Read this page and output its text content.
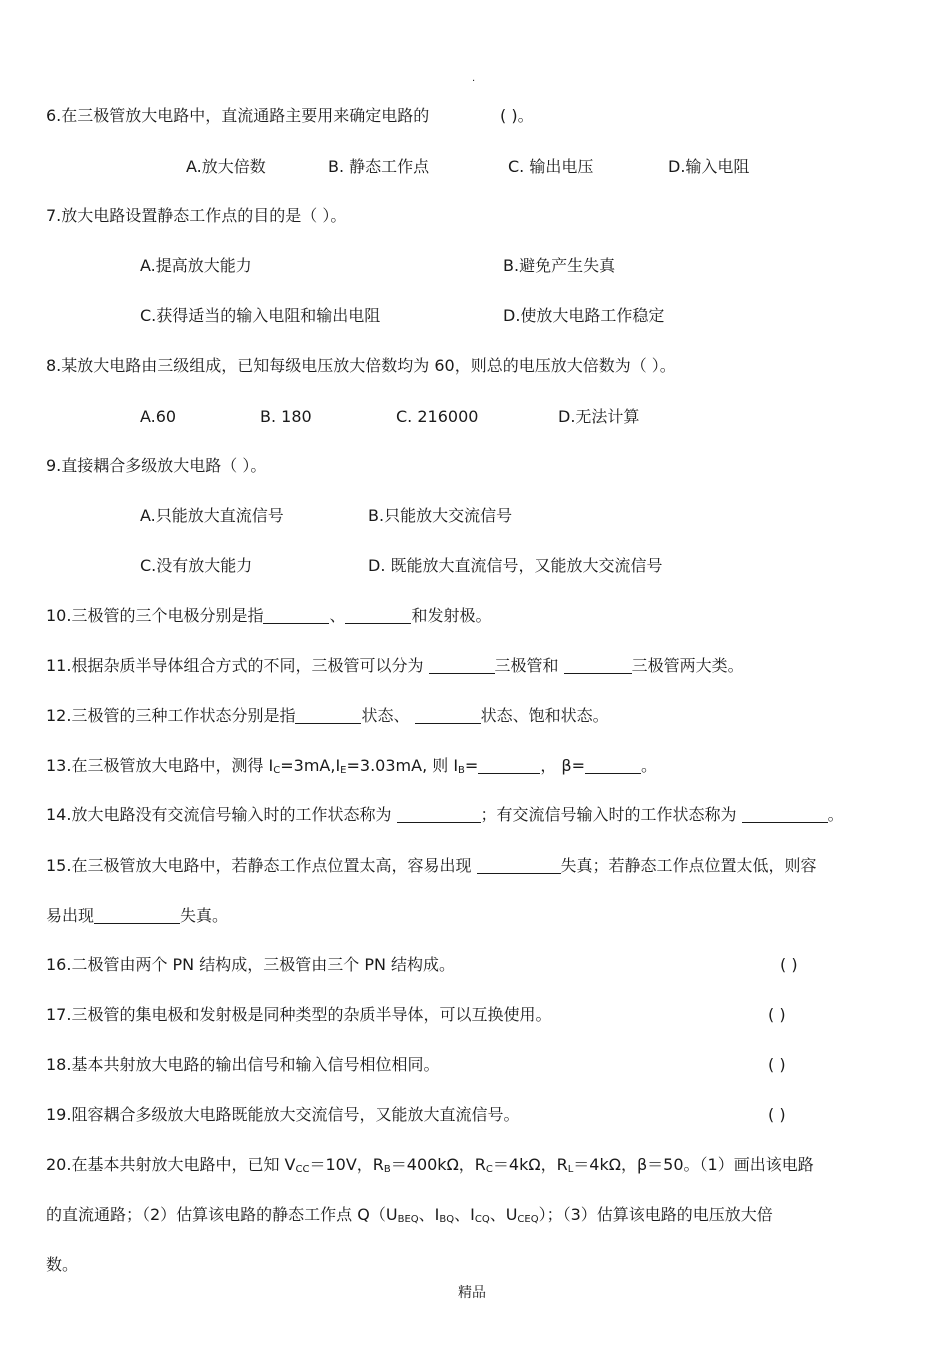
·
6.在三极管放大电路中，直流通路主要用来确定电路的	( )。
A.放大倍数	B. 静态工作点	C. 输出电压	D.输入电阻
7.放大电路设置静态工作点的目的是（ ）。
A.提高放大能力	B.避免产生失真
C.获得适当的输入电阻和输出电阻	D.使放大电路工作稳定
8.某放大电路由三级组成，已知每级电压放大倍数均为 60，则总的电压放大倍数为（ ）。
A.60	B. 180	C. 216000	D.无法计算
9.直接耦合多级放大电路（ ）。
A.只能放大直流信号	B.只能放大交流信号
C.没有放大能力	D. 既能放大直流信号，又能放大交流信号
10.三极管的三个电极分别是指	、	和发射极。
11.根据杂质半导体组合方式的不同，三极管可以分为	三极管和	三极管两大类。
12.三极管的三种工作状态分别是指	状态、	状态、饱和状态。
13.在三极管放大电路中，测得 $I_C=3mA,I_E=3.03mA$, 则 $I_B=$	， β=	。
14.放大电路没有交流信号输入时的工作状态称为	；有交流信号输入时的工作状态称为	。
15.在三极管放大电路中，若静态工作点位置太高，容易出现	失真；若静态工作点位置太低，则容
易出现	失真。
16.二极管由两个 PN 结构成，三极管由三个 PN 结构成。	( )
17.三极管的集电极和发射极是同种类型的杂质半导体，可以互换使用。	( )
18.基本共射放大电路的输出信号和输入信号相位相同。	( )
19.阻容耦合多级放大电路既能放大交流信号，又能放大直流信号。	( )
20.在基本共射放大电路中，已知 $V_{CC}=10V$，$R_B=400k\Omega$，$R_C=4k\Omega$，$R_L=4k\Omega$，β＝50。（1）画出该电路
的直流通路；（2）估算该电路的静态工作点 $Q(U_{BEQ}$、$I_{BQ}$、$I_{CQ}$、$U_{CEQ}$）；（3）估算该电路的电压放大倍
数。
精品
